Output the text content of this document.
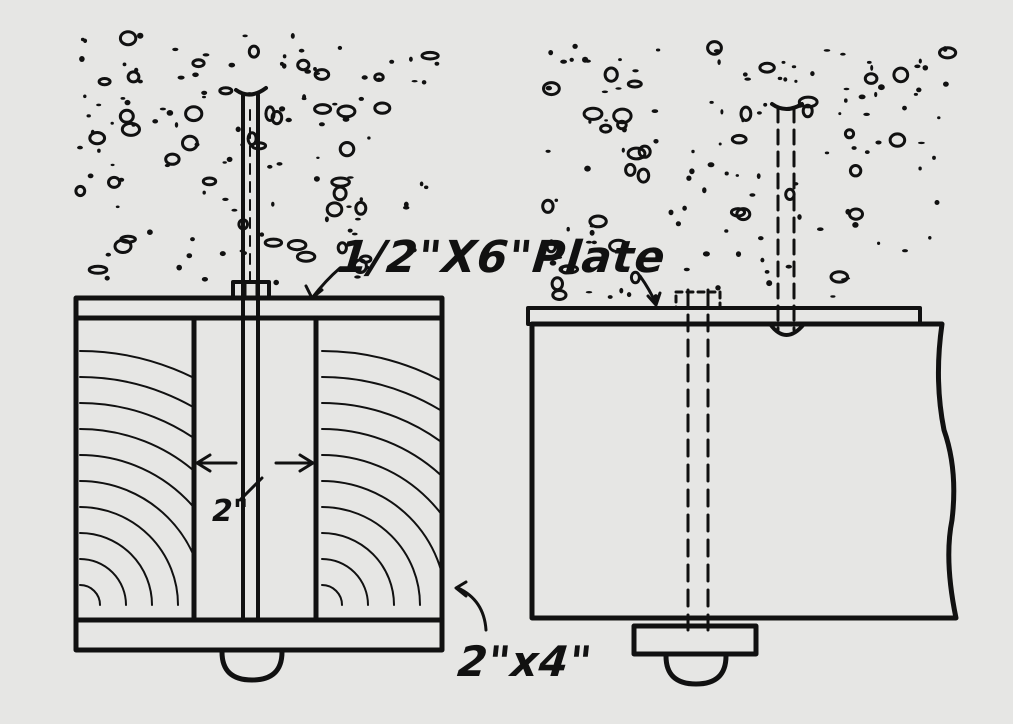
1/2"X6"Plate
2"
2"x4"
